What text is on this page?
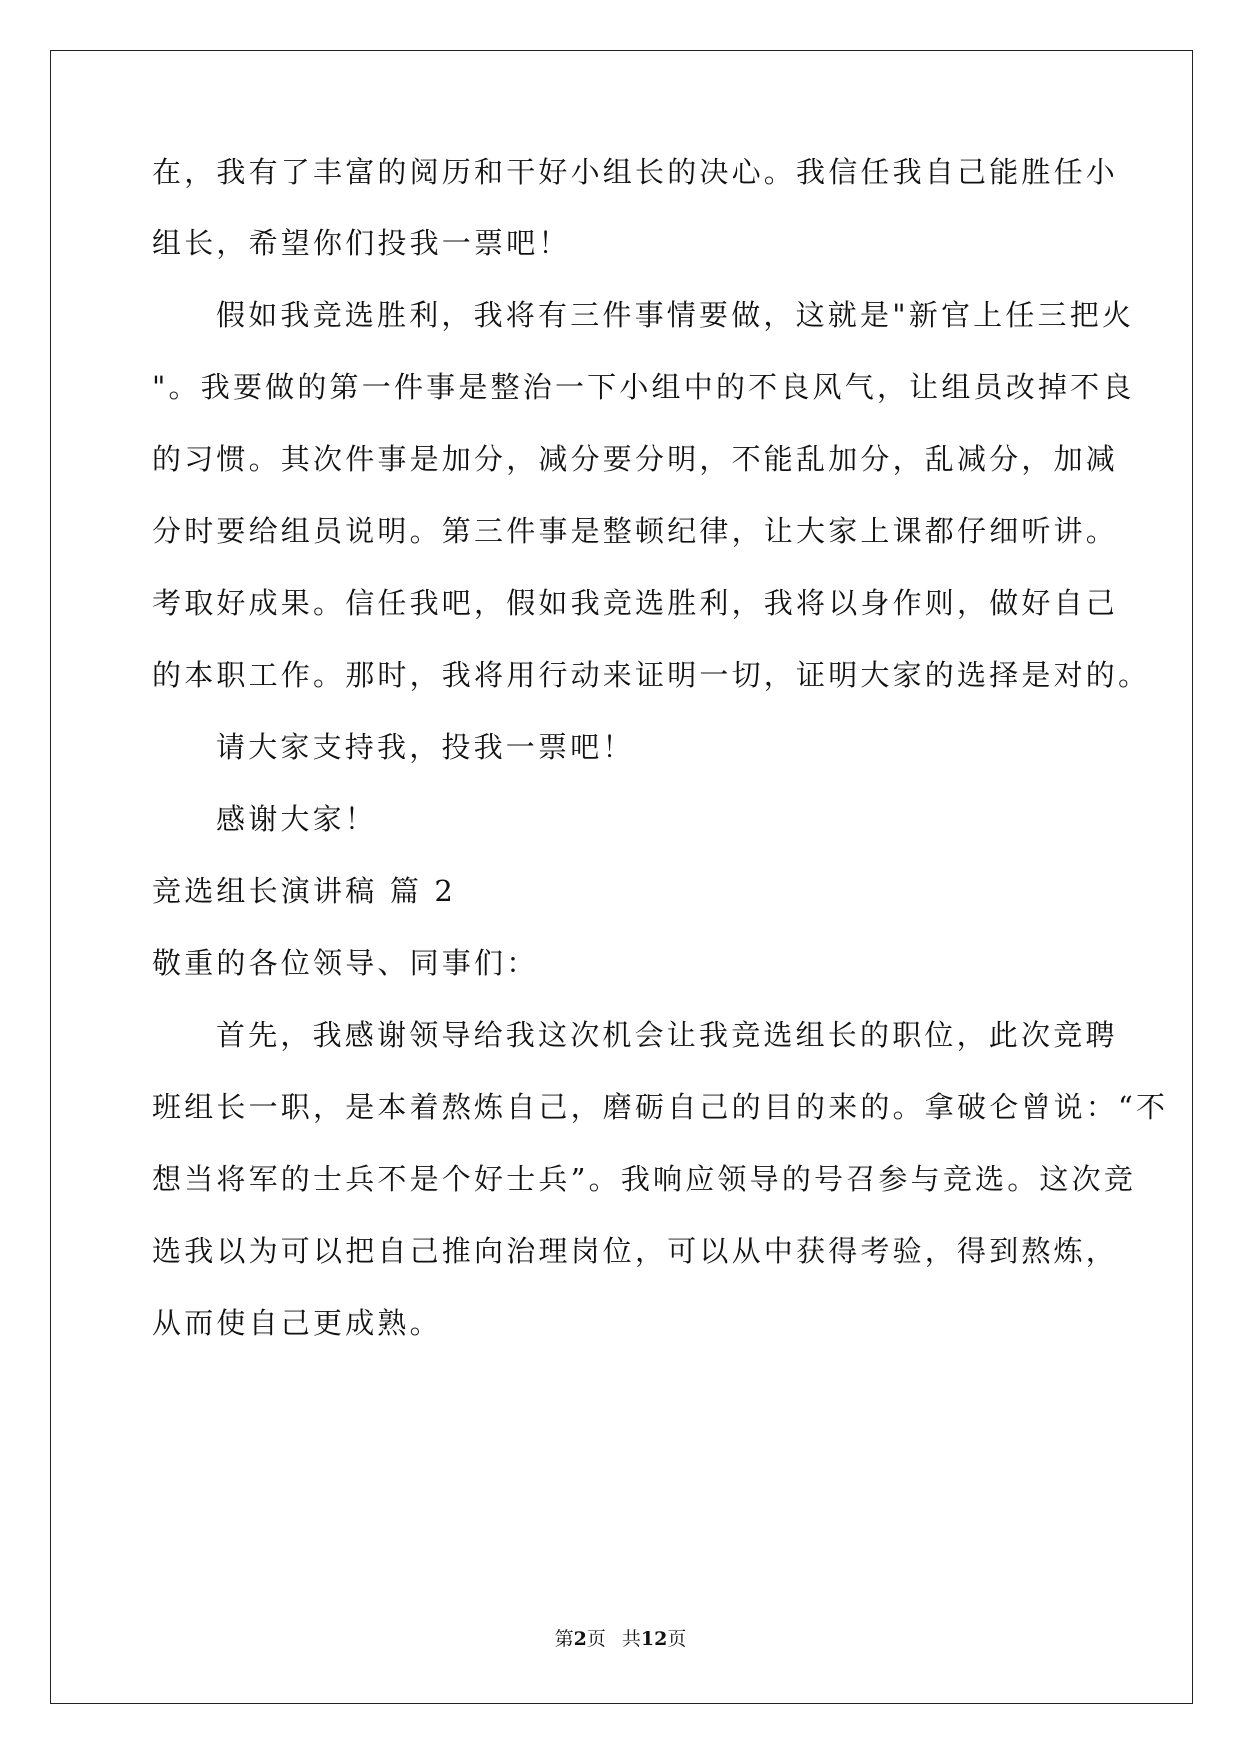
在，我有了丰富的阅历和干好小组长的决心。我信任我自己能胜任小
组长，希望你们投我一票吧！
假如我竞选胜利，我将有三件事情要做，这就是"新官上任三把火
"。我要做的第一件事是整治一下小组中的不良风气，让组员改掉不良
的习惯。其次件事是加分，减分要分明，不能乱加分，乱减分，加减
分时要给组员说明。第三件事是整顿纪律，让大家上课都仔细听讲。
考取好成果。信任我吧，假如我竞选胜利，我将以身作则，做好自己
的本职工作。那时，我将用行动来证明一切，证明大家的选择是对的。
请大家支持我，投我一票吧！
感谢大家！
竞选组长演讲稿 篇 2
敬重的各位领导、同事们：
首先，我感谢领导给我这次机会让我竞选组长的职位，此次竞聘
班组长一职，是本着熬炼自己，磨砺自己的目的来的。拿破仑曾说：“不
想当将军的士兵不是个好士兵”。我响应领导的号召参与竞选。这次竞
选我以为可以把自己推向治理岗位，可以从中获得考验，得到熬炼，
从而使自己更成熟。
第2页 共12页
